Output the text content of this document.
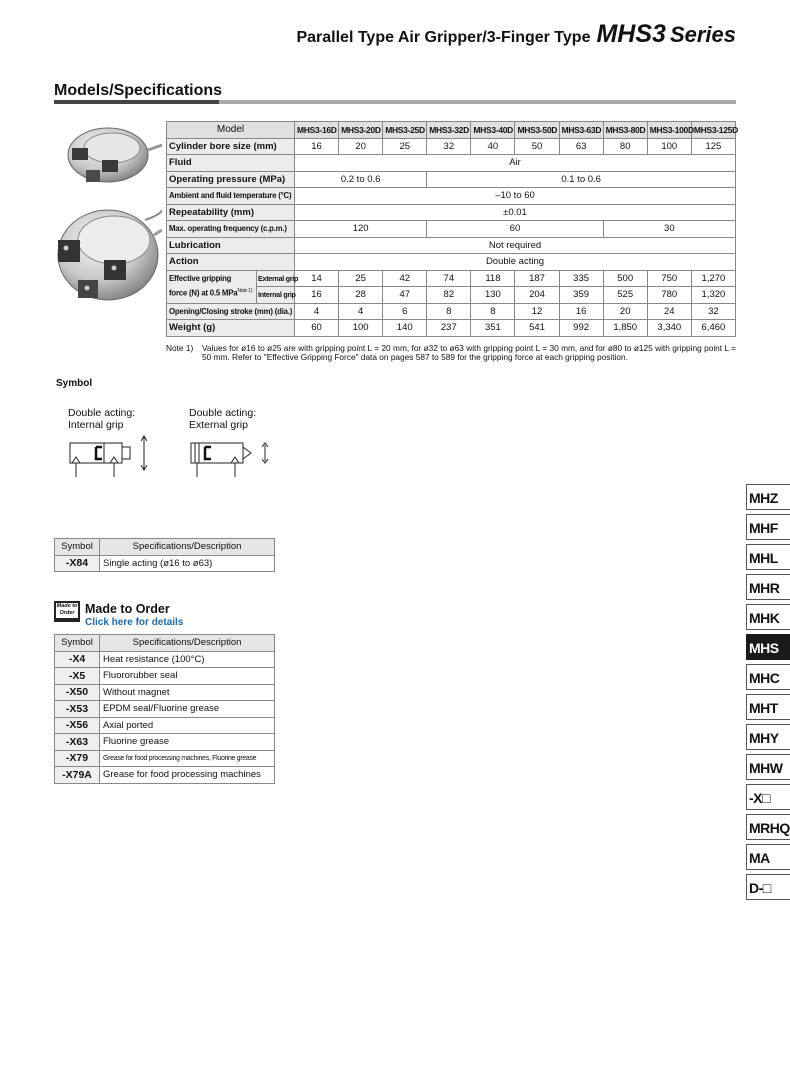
Parallel Type Air Gripper/3-Finger Type MHS3 Series
Models/Specifications
Model		MHS3-16D	MHS3-20D	MHS3-25D	MHS3-32D	MHS3-40D	MHS3-50D	MHS3-63D	MHS3-80D	MHS3-100D	MHS3-125D
Cylinder bore size (mm)		16	20	25	32	40	50	63	80	100	125
Fluid		Air									
Operating pressure (MPa)		0.2 to 0.6			0.1 to 0.6						
Ambient and fluid temperature (°C)		–10 to 60									
Repeatability (mm)		±0.01									
Max. operating frequency (c.p.m.)		120			60				30		
Lubrication		Not required									
Action		Double acting									
Effective gripping
force (N) at 0.5 MPa$^{Note 1)}$	External grip	14	25	42	74	118	187	335	500	750	1,270
	Internal grip	16	28	47	82	130	204	359	525	780	1,320
Opening/Closing stroke (mm) (dia.)		4	4	6	8	8	12	16	20	24	32
Weight (g)		60	100	140	237	351	541	992	1,850	3,340	6,460
Note 1)	Values for ø16 to ø25 are with gripping point L = 20 mm, for ø32 to ø63 with gripping point L = 30 mm, and for ø80 to ø125 with gripping point L = 50 mm. Refer to "Effective Gripping Force" data on pages 587 to 589 for the gripping force at each gripping position.
Symbol
Double acting:
Internal grip
Double acting:
External grip
Symbol	Specifications/Description
-X84	Single acting (ø16 to ø63)
Made to Order Made to Order
Click here for details
Symbol	Specifications/Description
-X4	Heat resistance (100°C)
-X5	Fluororubber seal
-X50	Without magnet
-X53	EPDM seal/Fluorine grease
-X56	Axial ported
-X63	Fluorine grease
-X79	Grease for food processing machines, Fluorine grease
-X79A	Grease for food processing machines
MHZ
MHF
MHL
MHR
MHK
MHS
MHC
MHT
MHY
MHW
-X□
MRHQ
MA
D-□
